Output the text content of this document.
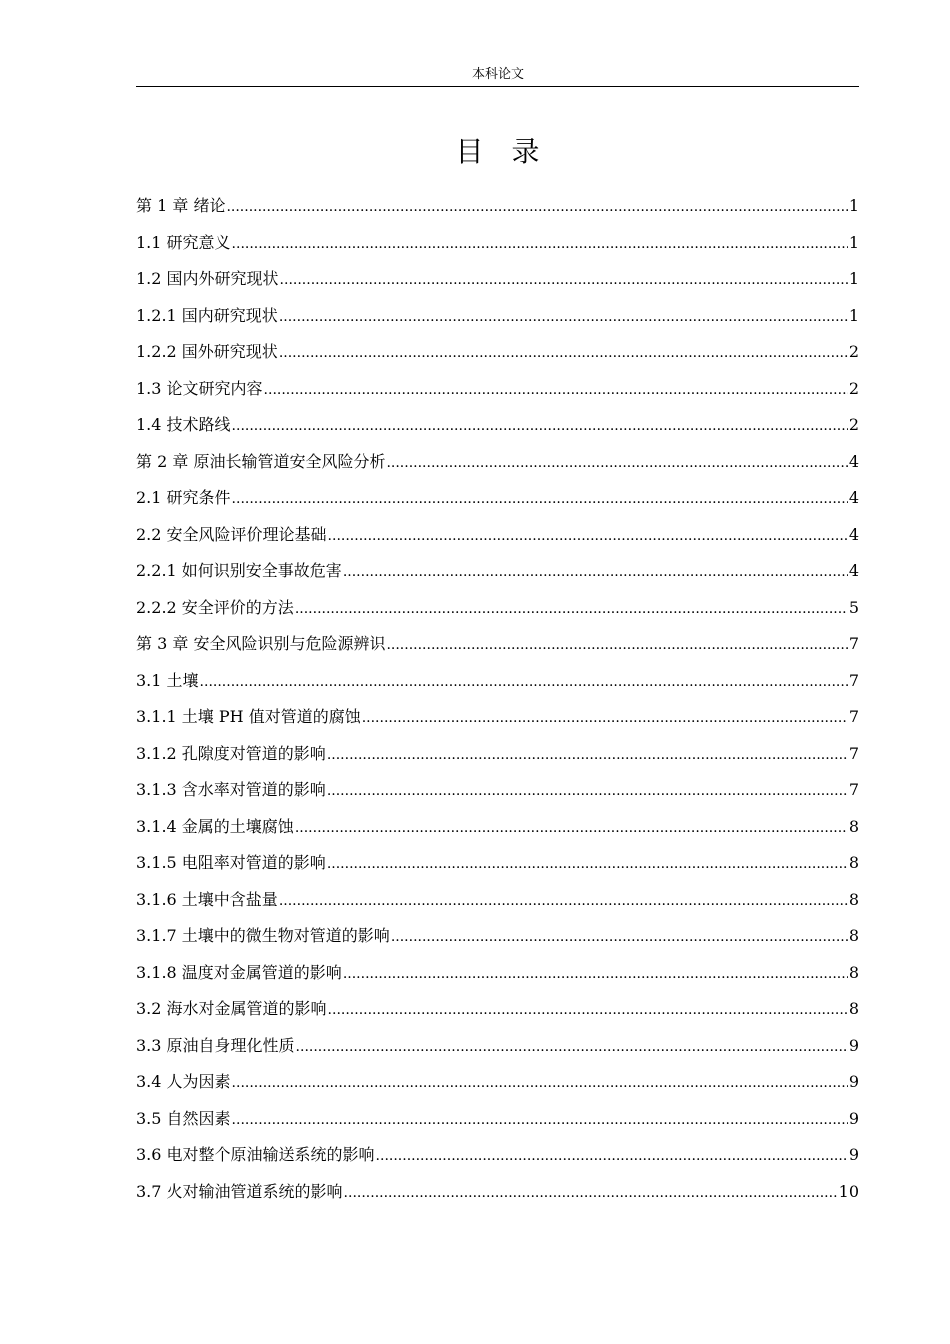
本科论文
目录
第 1 章 绪论 .....	1
1.1 研究意义 .....	1
1.2 国内外研究现状 .....	1
1.2.1 国内研究现状 .....	1
1.2.2 国外研究现状 .....	2
1.3 论文研究内容 .....	2
1.4 技术路线 .....	2
第 2 章 原油长输管道安全风险分析 .....	4
2.1 研究条件 .....	4
2.2 安全风险评价理论基础 .....	4
2.2.1 如何识别安全事故危害 .....	4
2.2.2 安全评价的方法 .....	5
第 3 章 安全风险识别与危险源辨识 .....	7
3.1 土壤 .....	7
3.1.1 土壤 PH 值对管道的腐蚀 .....	7
3.1.2 孔隙度对管道的影响 .....	7
3.1.3 含水率对管道的影响 .....	7
3.1.4 金属的土壤腐蚀 .....	8
3.1.5 电阻率对管道的影响 .....	8
3.1.6 土壤中含盐量 .....	8
3.1.7 土壤中的微生物对管道的影响 .....	8
3.1.8 温度对金属管道的影响 .....	8
3.2 海水对金属管道的影响 .....	8
3.3 原油自身理化性质 .....	9
3.4 人为因素 .....	9
3.5 自然因素 .....	9
3.6 电对整个原油输送系统的影响 .....	9
3.7 火对输油管道系统的影响 .....	10
